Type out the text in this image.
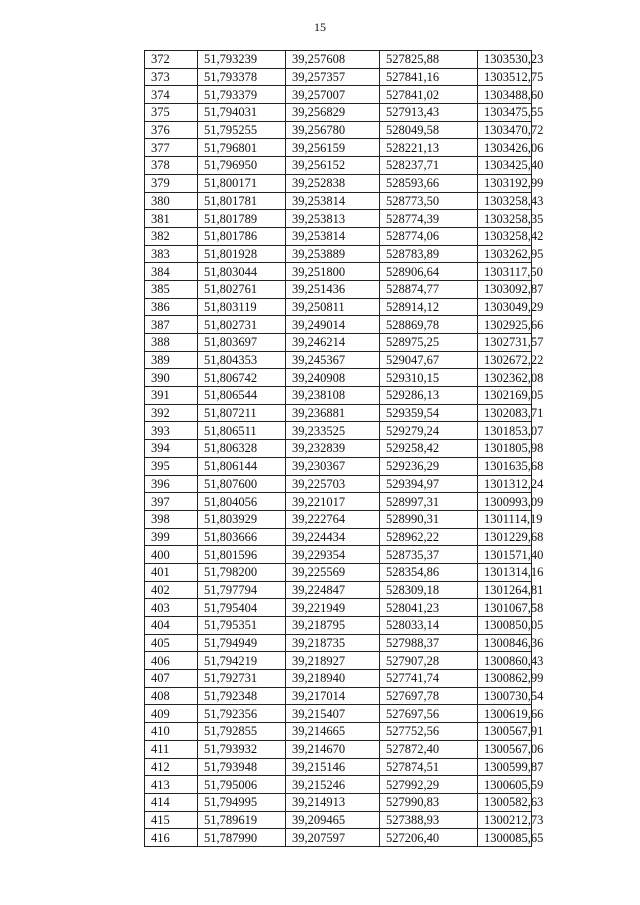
15
372	51,793239	39,257608	527825,88	1303530,23
373	51,793378	39,257357	527841,16	1303512,75
374	51,793379	39,257007	527841,02	1303488,60
375	51,794031	39,256829	527913,43	1303475,55
376	51,795255	39,256780	528049,58	1303470,72
377	51,796801	39,256159	528221,13	1303426,06
378	51,796950	39,256152	528237,71	1303425,40
379	51,800171	39,252838	528593,66	1303192,99
380	51,801781	39,253814	528773,50	1303258,43
381	51,801789	39,253813	528774,39	1303258,35
382	51,801786	39,253814	528774,06	1303258,42
383	51,801928	39,253889	528783,89	1303262,95
384	51,803044	39,251800	528906,64	1303117,50
385	51,802761	39,251436	528874,77	1303092,87
386	51,803119	39,250811	528914,12	1303049,29
387	51,802731	39,249014	528869,78	1302925,66
388	51,803697	39,246214	528975,25	1302731,57
389	51,804353	39,245367	529047,67	1302672,22
390	51,806742	39,240908	529310,15	1302362,08
391	51,806544	39,238108	529286,13	1302169,05
392	51,807211	39,236881	529359,54	1302083,71
393	51,806511	39,233525	529279,24	1301853,07
394	51,806328	39,232839	529258,42	1301805,98
395	51,806144	39,230367	529236,29	1301635,68
396	51,807600	39,225703	529394,97	1301312,24
397	51,804056	39,221017	528997,31	1300993,09
398	51,803929	39,222764	528990,31	1301114,19
399	51,803666	39,224434	528962,22	1301229,68
400	51,801596	39,229354	528735,37	1301571,40
401	51,798200	39,225569	528354,86	1301314,16
402	51,797794	39,224847	528309,18	1301264,81
403	51,795404	39,221949	528041,23	1301067,58
404	51,795351	39,218795	528033,14	1300850,05
405	51,794949	39,218735	527988,37	1300846,36
406	51,794219	39,218927	527907,28	1300860,43
407	51,792731	39,218940	527741,74	1300862,99
408	51,792348	39,217014	527697,78	1300730,54
409	51,792356	39,215407	527697,56	1300619,66
410	51,792855	39,214665	527752,56	1300567,91
411	51,793932	39,214670	527872,40	1300567,06
412	51,793948	39,215146	527874,51	1300599,87
413	51,795006	39,215246	527992,29	1300605,59
414	51,794995	39,214913	527990,83	1300582,63
415	51,789619	39,209465	527388,93	1300212,73
416	51,787990	39,207597	527206,40	1300085,65
